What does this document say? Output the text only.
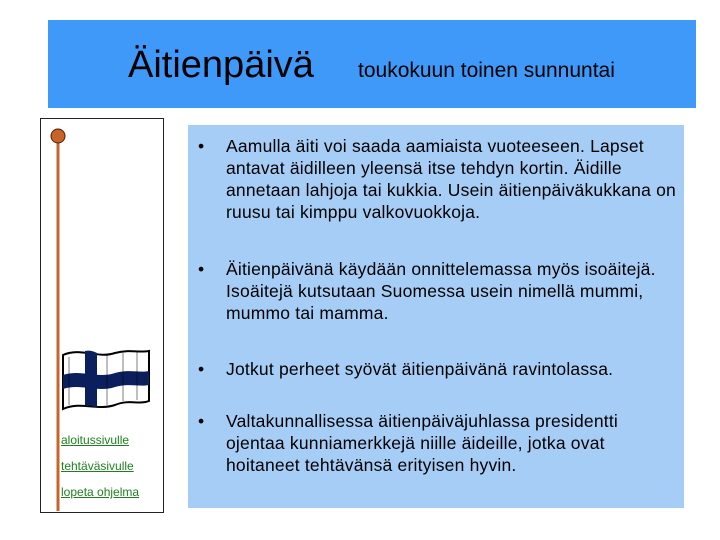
Äitienpäivä toukokuun toinen sunnuntai
aloitussivulle
tehtäväsivulle
lopeta ohjelma
•	Aamulla äiti voi saada aamiaista vuoteeseen. Lapset antavat äidilleen yleensä itse tehdyn kortin. Äidille annetaan lahjoja tai kukkia. Usein äitienpäiväkukkana on ruusu tai kimppu valkovuokkoja.
•	Äitienpäivänä käydään onnittelemassa myös isoäitejä. Isoäitejä kutsutaan Suomessa usein nimellä mummi, mummo tai mamma.
•	Jotkut perheet syövät äitienpäivänä ravintolassa.
•	Valtakunnallisessa äitienpäiväjuhlassa presidentti ojentaa kunniamerkkejä niille äideille, jotka ovat hoitaneet tehtävänsä erityisen hyvin.
